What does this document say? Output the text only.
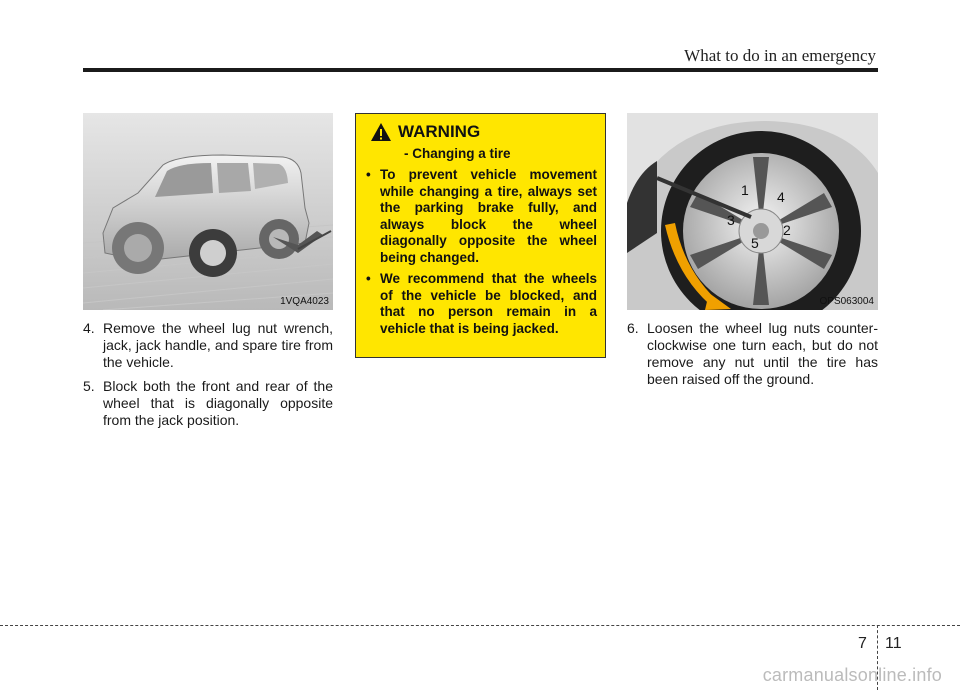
What to do in an emergency
1VQA4023
4. Remove the wheel lug nut wrench, jack, jack handle, and spare tire from the vehicle.
5. Block both the front and rear of the wheel that is diagonally opposite from the jack position.
WARNING
- Changing a tire
• To prevent vehicle movement while changing a tire, always set the parking brake fully, and always block the wheel diagonally opposite the wheel being changed.
• We recommend that the wheels of the vehicle be blocked, and that no person remain in a vehicle that is being jacked.
1
2
3
4
5
OPS063004
6. Loosen the wheel lug nuts counter-clockwise one turn each, but do not remove any nut until the tire has been raised off the ground.
7 11
carmanualsonline.info
